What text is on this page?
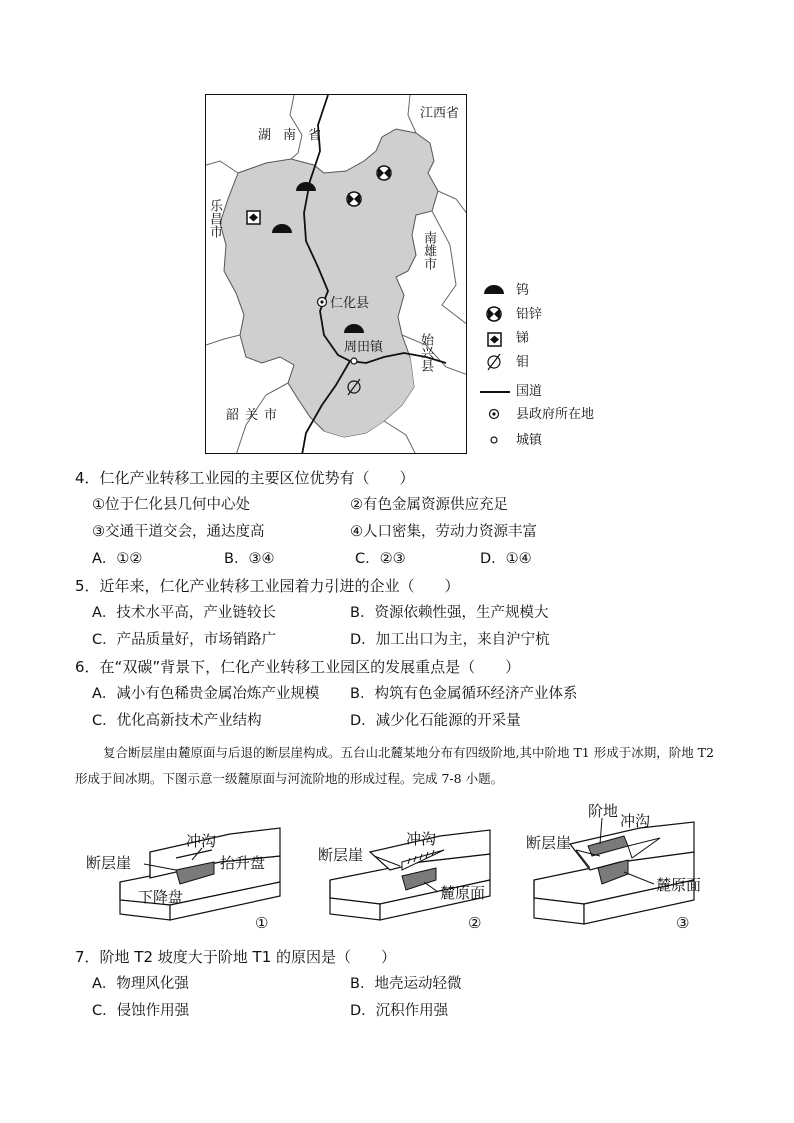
湖南省
江西省
仁化县
周田镇
韶关市
乐昌市
南雄市
始兴县
钨
铅锌
锑
钼
国道
县政府所在地
城镇
4．仁化产业转移工业园的主要区位优势有（　　）
①位于仁化县几何中心处	②有色金属资源供应充足
③交通干道交会，通达度高	④人口密集，劳动力资源丰富
A．①②	B．③④	C．②③	D．①④
5．近年来，仁化产业转移工业园着力引进的企业（　　）
A．技术水平高，产业链较长	B．资源依赖性强，生产规模大
C．产品质量好，市场销路广	D．加工出口为主，来自沪宁杭
6．在“双碳”背景下，仁化产业转移工业园区的发展重点是（　　）
A．减小有色稀贵金属冶炼产业规模 B．构筑有色金属循环经济产业体系
C．优化高新技术产业结构	D．减少化石能源的开采量
复合断层崖由麓原面与后退的断层崖构成。五台山北麓某地分布有四级阶地,其中阶地 T1 形成于冰期，阶地 T2 形成于间冰期。下图示意一级麓原面与河流阶地的形成过程。完成 7-8 小题。
断层崖
冲沟
抬升盘
下降盘
①
断层崖
冲沟
麓原面
②
断层崖
阶地
冲沟
麓原面
③
7．阶地 T2 坡度大于阶地 T1 的原因是（　　）
A．物理风化强	B．地壳运动轻微
C．侵蚀作用强	D．沉积作用强
